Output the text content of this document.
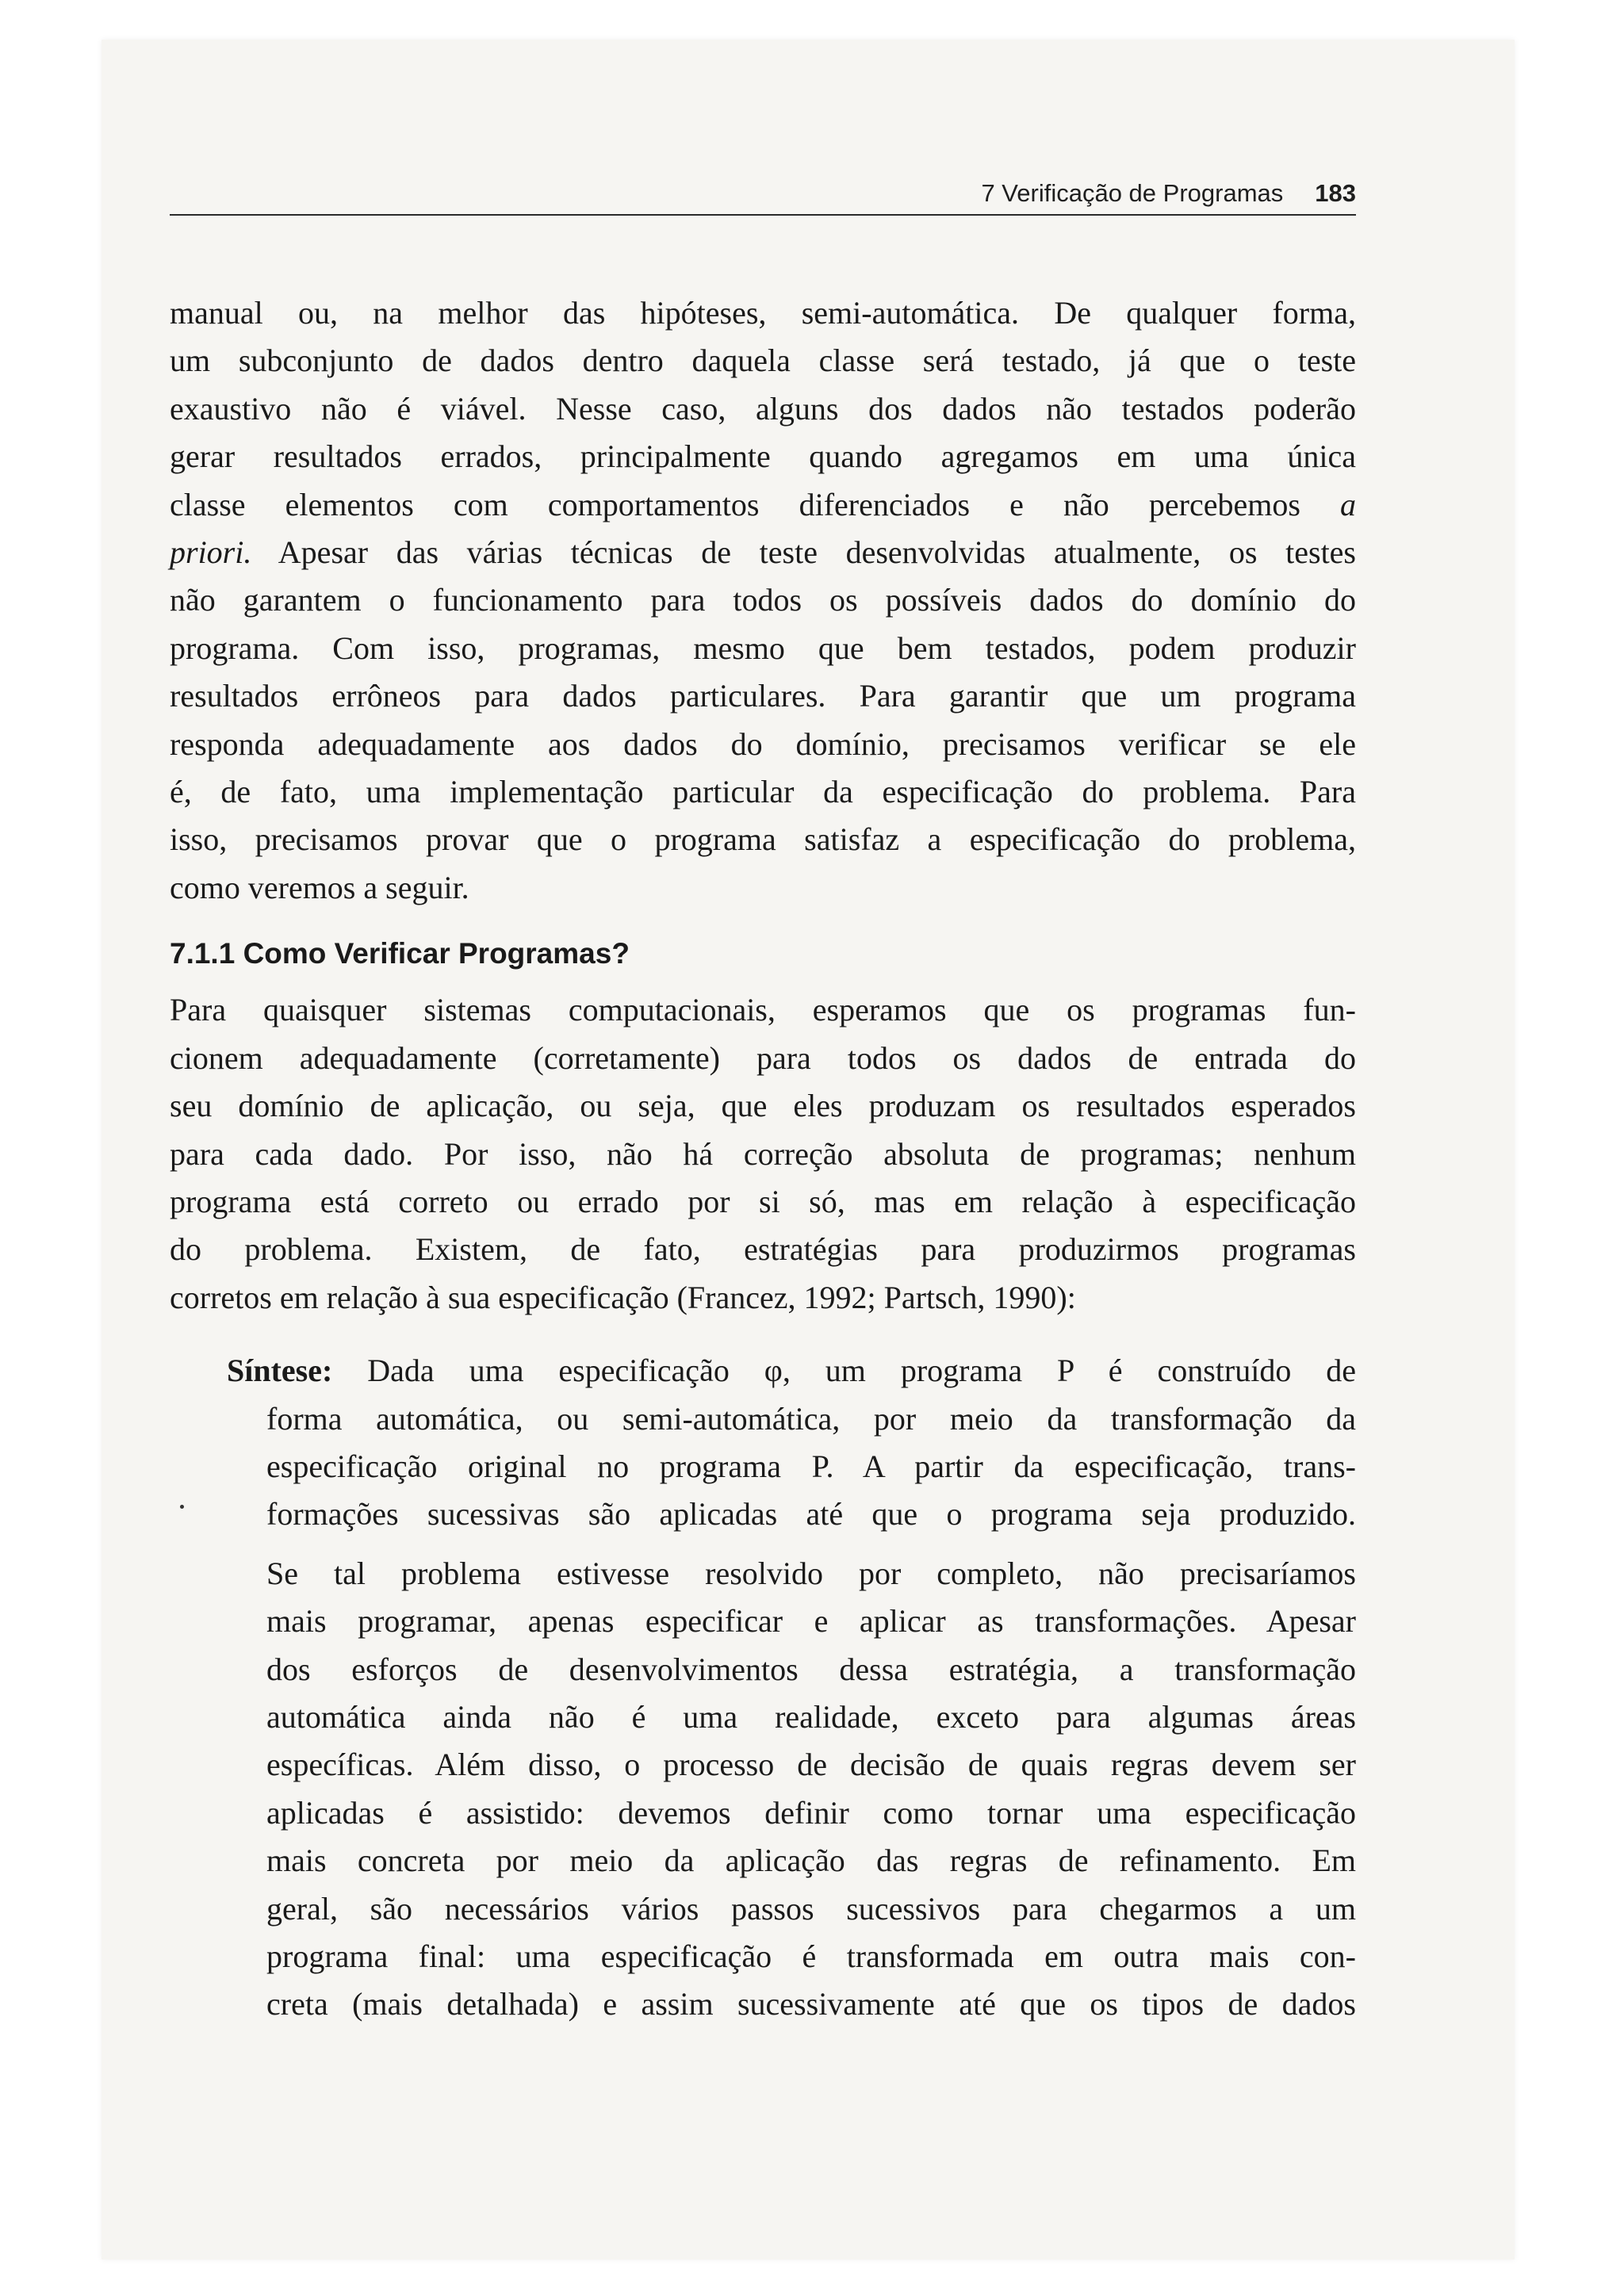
7 Verificação de Programas 183

manual ou, na melhor das hipóteses, semi-automática. De qualquer forma,

um subconjunto de dados dentro daquela classe será testado, já que o teste

exaustivo não é viável. Nesse caso, alguns dos dados não testados poderão

gerar resultados errados, principalmente quando agregamos em uma única

classe elementos com comportamentos diferenciados e não percebemos a

priori. Apesar das várias técnicas de teste desenvolvidas atualmente, os testes

não garantem o funcionamento para todos os possíveis dados do domínio do

programa. Com isso, programas, mesmo que bem testados, podem produzir

resultados errôneos para dados particulares. Para garantir que um programa

responda adequadamente aos dados do domínio, precisamos verificar se ele

é, de fato, uma implementação particular da especificação do problema. Para

isso, precisamos provar que o programa satisfaz a especificação do problema,

como veremos a seguir.

7.1.1 Como Verificar Programas?

Para quaisquer sistemas computacionais, esperamos que os programas fun-

cionem adequadamente (corretamente) para todos os dados de entrada do

seu domínio de aplicação, ou seja, que eles produzam os resultados esperados

para cada dado. Por isso, não há correção absoluta de programas; nenhum

programa está correto ou errado por si só, mas em relação à especificação

do problema. Existem, de fato, estratégias para produzirmos programas

corretos em relação à sua especificação (Francez, 1992; Partsch, 1990):

Síntese: Dada uma especificação φ, um programa P é construído de

forma automática, ou semi-automática, por meio da transformação da

especificação original no programa P. A partir da especificação, trans-

formações sucessivas são aplicadas até que o programa seja produzido.

Se tal problema estivesse resolvido por completo, não precisaríamos

mais programar, apenas especificar e aplicar as transformações. Apesar

dos esforços de desenvolvimentos dessa estratégia, a transformação

automática ainda não é uma realidade, exceto para algumas áreas

específicas. Além disso, o processo de decisão de quais regras devem ser

aplicadas é assistido: devemos definir como tornar uma especificação

mais concreta por meio da aplicação das regras de refinamento. Em

geral, são necessários vários passos sucessivos para chegarmos a um

programa final: uma especificação é transformada em outra mais con-

creta (mais detalhada) e assim sucessivamente até que os tipos de dados
